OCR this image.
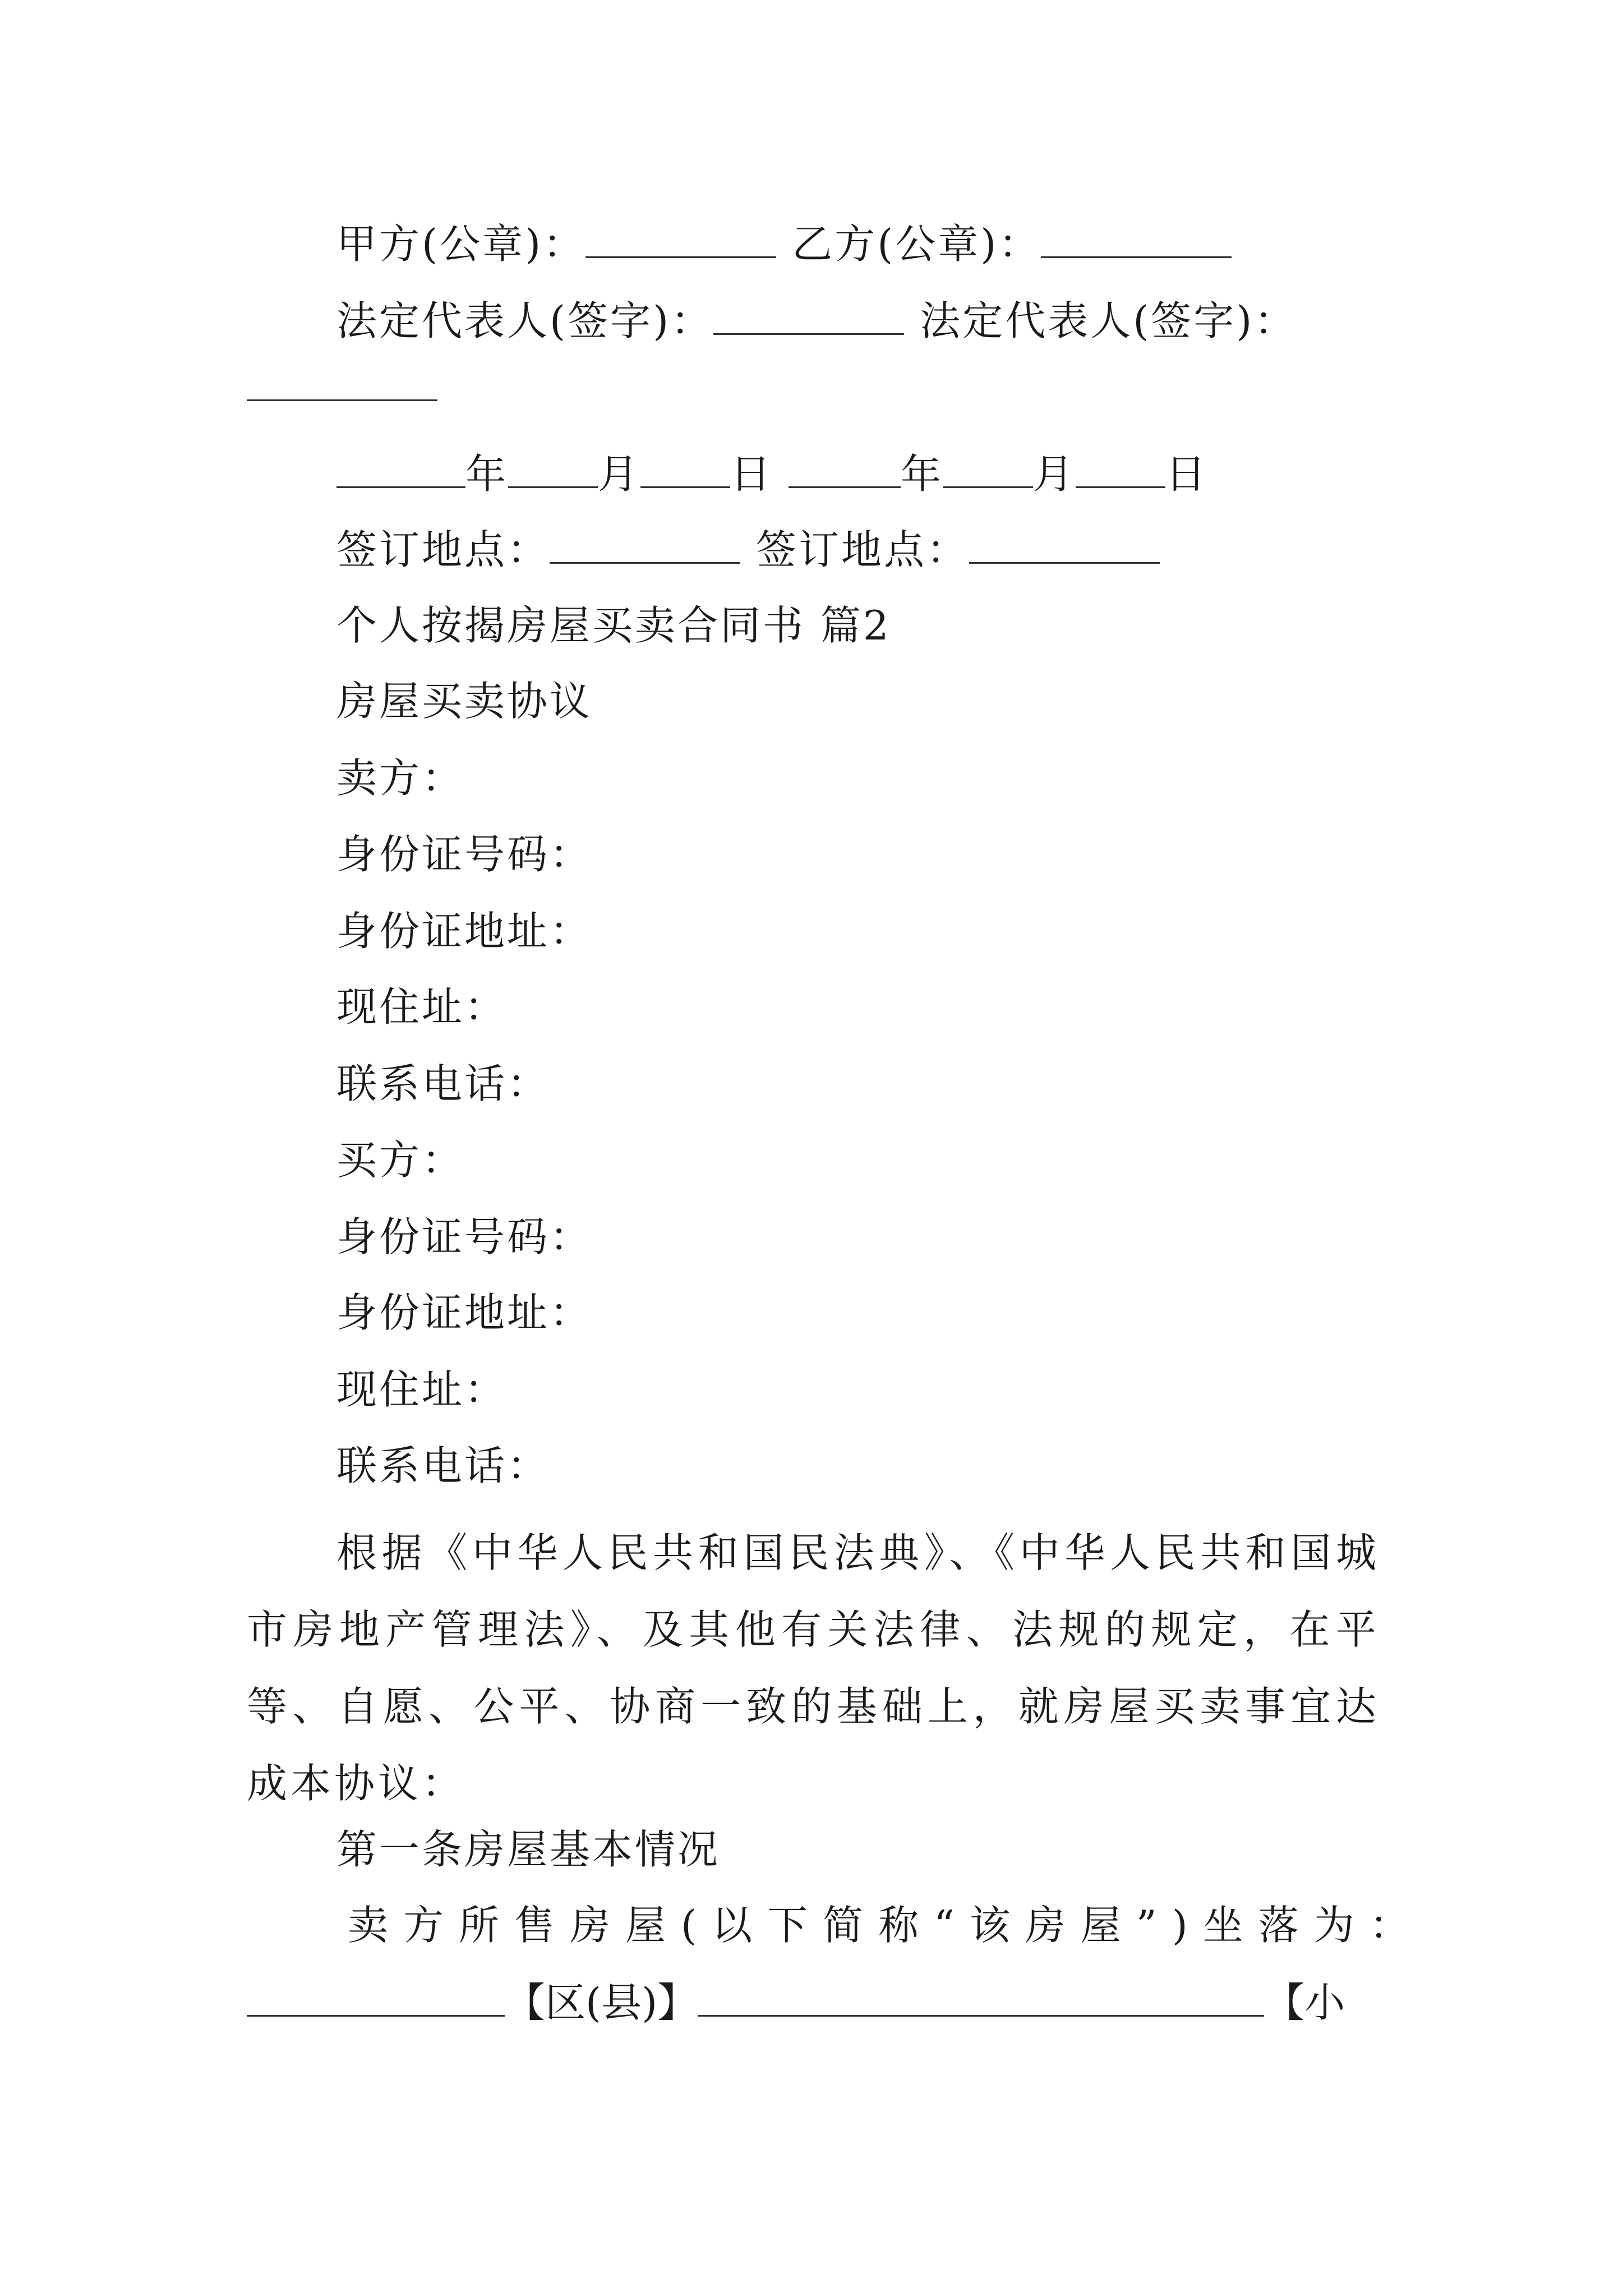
甲方(公章)：	乙方(公章)：
法定代表人(签字)：	法定代表人(签字)：
年 月 日	年 月 日
签订地点：	签订地点：
个人按揭房屋买卖合同书 篇2
房屋买卖协议
卖方：
身份证号码：
身份证地址：
现住址：
联系电话：
买方：
身份证号码：
身份证地址：
现住址：
联系电话：
根据《中华人民共和国民法典》、《中华人民共和国城市房地产管理法》、及其他有关法律、法规的规定，在平等、自愿、公平、协商一致的基础上，就房屋买卖事宜达成本协议：
第一条房屋基本情况
卖方所售房屋(以下简称“该房屋”)坐落为：
【区(县)】	【小
